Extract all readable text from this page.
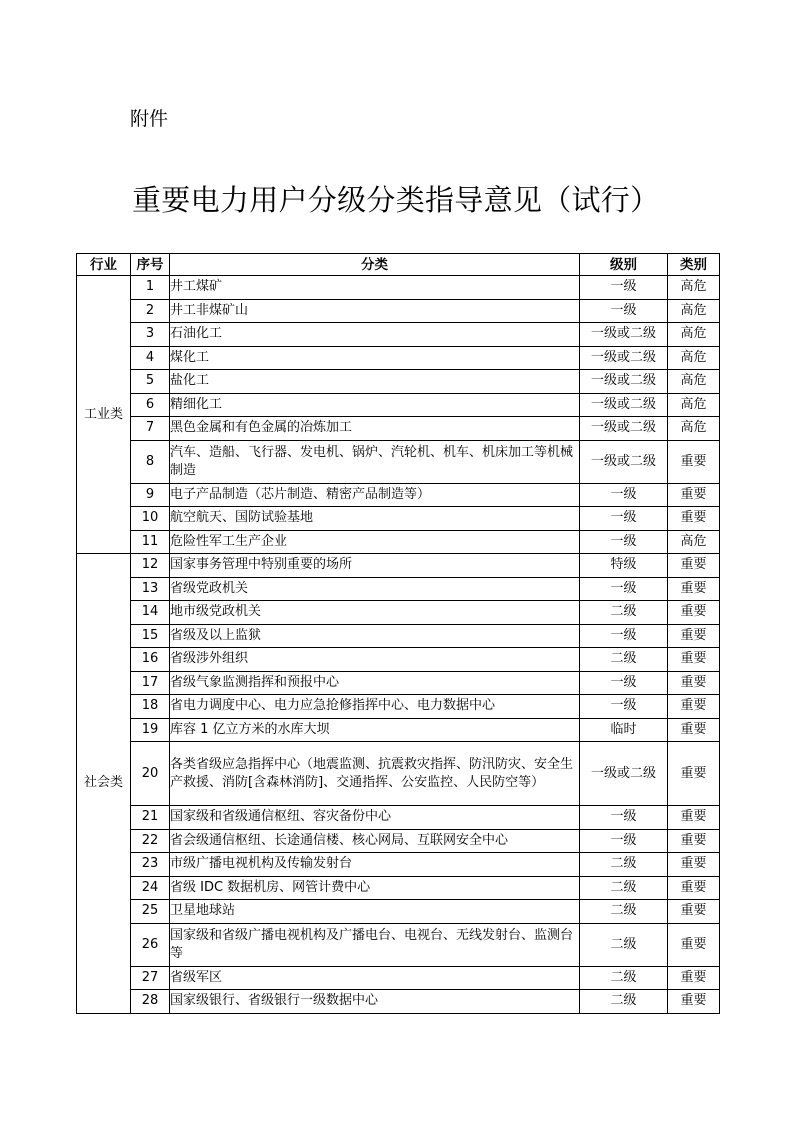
附件
重要电力用户分级分类指导意见（试行）
行业	序号	分类	级别	类别
工业类	1	井工煤矿	一级	高危
	2	井工非煤矿山	一级	高危
	3	石油化工	一级或二级	高危
	4	煤化工	一级或二级	高危
	5	盐化工	一级或二级	高危
	6	精细化工	一级或二级	高危
	7	黑色金属和有色金属的冶炼加工	一级或二级	高危
	8	汽车、造船、飞行器、发电机、锅炉、汽轮机、机车、机床加工等机械制造	一级或二级	重要
	9	电子产品制造（芯片制造、精密产品制造等）	一级	重要
	10	航空航天、国防试验基地	一级	重要
	11	危险性军工生产企业	一级	高危
社会类	12	国家事务管理中特别重要的场所	特级	重要
	13	省级党政机关	一级	重要
	14	地市级党政机关	二级	重要
	15	省级及以上监狱	一级	重要
	16	省级涉外组织	二级	重要
	17	省级气象监测指挥和预报中心	一级	重要
	18	省电力调度中心、电力应急抢修指挥中心、电力数据中心	一级	重要
	19	库容 1 亿立方米的水库大坝	临时	重要
	20	各类省级应急指挥中心（地震监测、抗震救灾指挥、防汛防灾、安全生产救援、消防[含森林消防]、交通指挥、公安监控、人民防空等）	一级或二级	重要
	21	国家级和省级通信枢纽、容灾备份中心	一级	重要
	22	省会级通信枢纽、长途通信楼、核心网局、互联网安全中心	一级	重要
	23	市级广播电视机构及传输发射台	二级	重要
	24	省级 IDC 数据机房、网管计费中心	二级	重要
	25	卫星地球站	二级	重要
	26	国家级和省级广播电视机构及广播电台、电视台、无线发射台、监测台等	二级	重要
	27	省级军区	二级	重要
	28	国家级银行、省级银行一级数据中心	二级	重要
